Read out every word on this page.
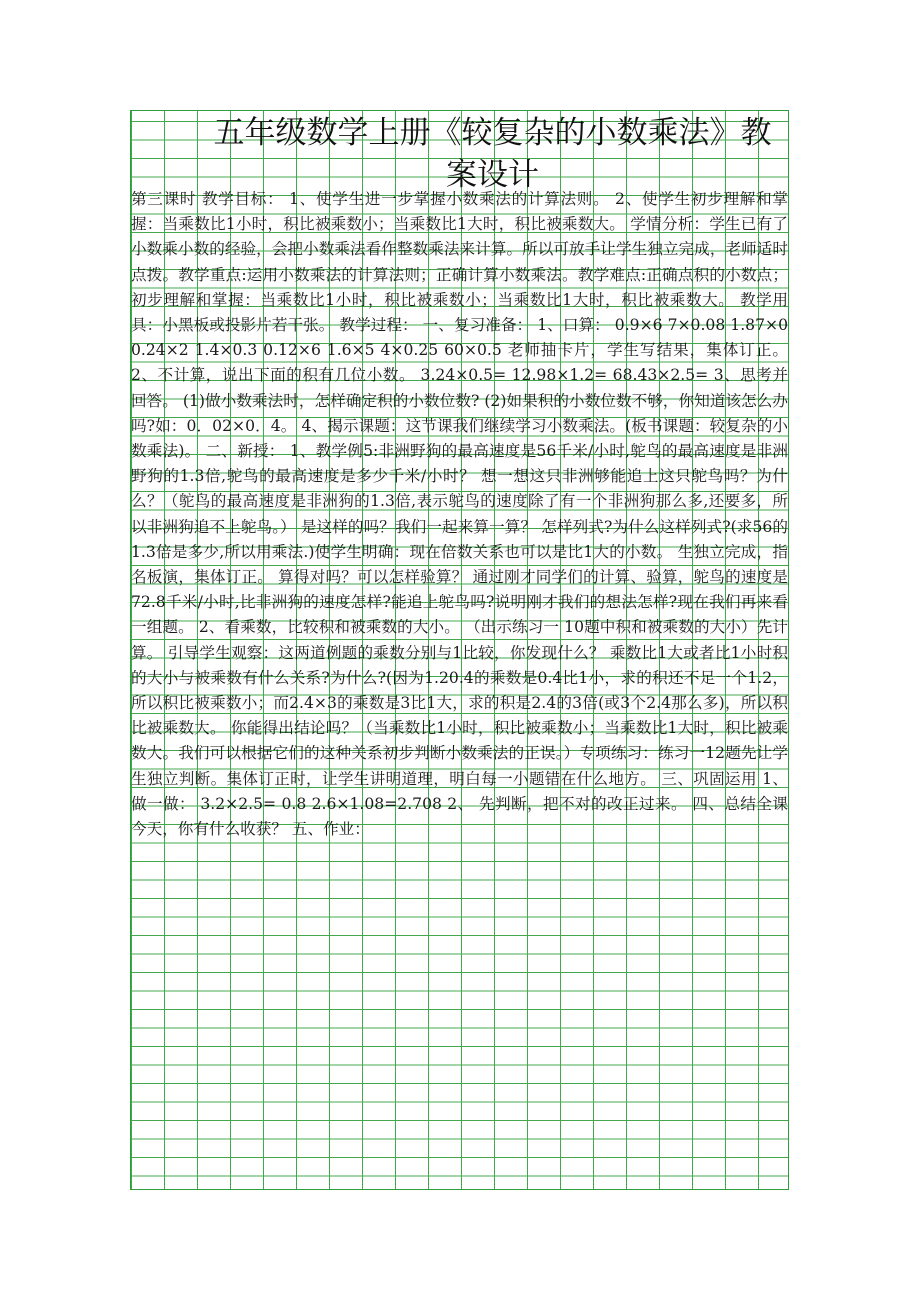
五年级数学上册《较复杂的小数乘法》教案设计

第三课时 教学目标： 1、使学生进一步掌握小数乘法的计算法则。 2、使学生初步理解和掌握：当乘数比1小时，积比被乘数小；当乘数比1大时，积比被乘数大。 学情分析：学生已有了小数乘小数的经验，会把小数乘法看作整数乘法来计算。所以可放手让学生独立完成，老师适时点拨。教学重点:运用小数乘法的计算法则；正确计算小数乘法。教学难点:正确点积的小数点；初步理解和掌握：当乘数比1小时，积比被乘数小；当乘数比1大时，积比被乘数大。 教学用具：小黑板或投影片若干张。 教学过程： 一、复习准备： 1、口算： 0.9×6 7×0.08 1.87×0 0.24×2 1.4×0.3 0.12×6 1.6×5 4×0.25 60×0.5 老师抽卡片，学生写结果，集体订正。 2、不计算，说出下面的积有几位小数。 3.24×0.5= 12.98×1.2= 68.43×2.5= 3、思考并回答。 (1)做小数乘法时，怎样确定积的小数位数? (2)如果积的小数位数不够，你知道该怎么办吗?如：0．02×0．4。 4、揭示课题：这节课我们继续学习小数乘法。(板书课题：较复杂的小数乘法)。 二、新授： 1、教学例5:非洲野狗的最高速度是56千米/小时,鸵鸟的最高速度是非洲野狗的1.3倍,鸵鸟的最高速度是多少千米/小时？ 想一想这只非洲够能追上这只鸵鸟吗？为什么？（鸵鸟的最高速度是非洲狗的1.3倍,表示鸵鸟的速度除了有一个非洲狗那么多,还要多，所以非洲狗追不上鸵鸟。） 是这样的吗？我们一起来算一算？ 怎样列式?为什么这样列式?(求56的1.3倍是多少,所以用乘法.)使学生明确：现在倍数关系也可以是比1大的小数。 生独立完成，指名板演，集体订正。 算得对吗？可以怎样验算？ 通过刚才同学们的计算、验算，鸵鸟的速度是72.8千米/小时,比非洲狗的速度怎样?能追上鸵鸟吗?说明刚才我们的想法怎样?现在我们再来看一组题。 2、看乘数，比较积和被乘数的大小。 （出示练习一 10题中积和被乘数的大小）先计算。 引导学生观察：这两道例题的乘数分别与1比较，你发现什么？ 乘数比1大或者比1小时积的大小与被乘数有什么关系?为什么?(因为1.20.4的乘数是0.4比1小，求的积还不足一个1.2，所以积比被乘数小；而2.4×3的乘数是3比1大，求的积是2.4的3倍(或3个2.4那么多)，所以积比被乘数大。 你能得出结论吗？（当乘数比1小时，积比被乘数小；当乘数比1大时，积比被乘数大。我们可以根据它们的这种关系初步判断小数乘法的正误。）专项练习：练习一12题先让学生独立判断。集体订正时，让学生讲明道理，明白每一小题错在什么地方。 三、巩固运用 1、做一做： 3.2×2.5= 0.8 2.6×1.08=2.708 2、 先判断，把不对的改正过来。 四、总结全课 今天，你有什么收获？ 五、作业：
